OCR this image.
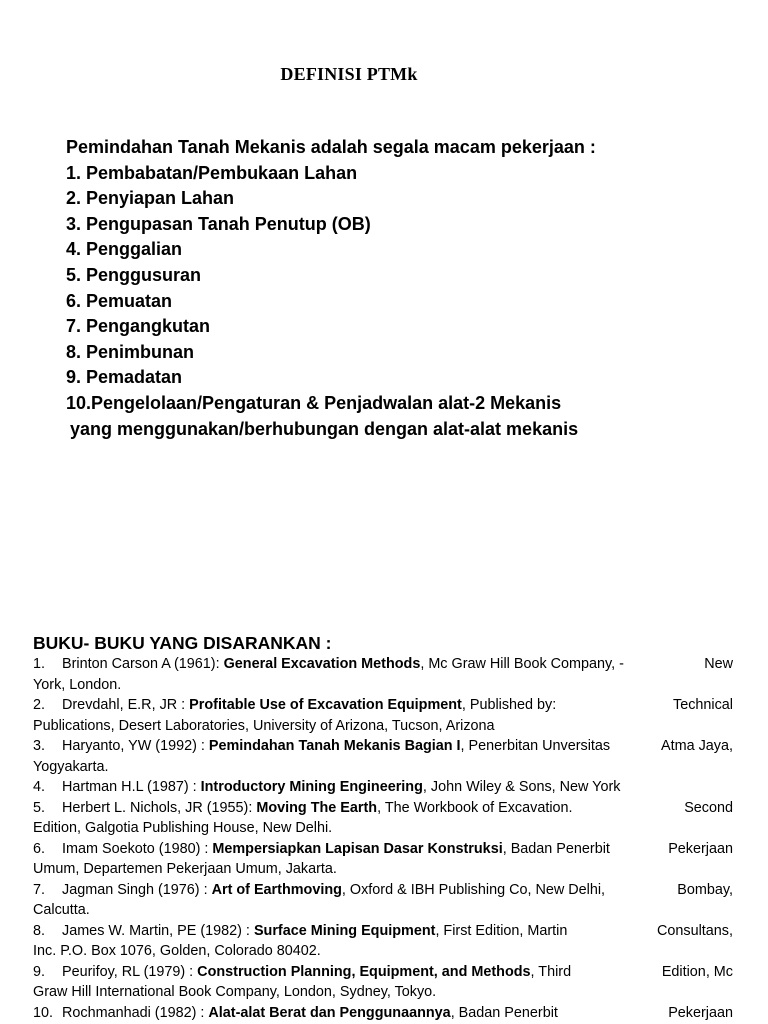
DEFINISI PTMk
Pemindahan Tanah Mekanis adalah segala macam pekerjaan :
1. Pembabatan/Pembukaan Lahan
2. Penyiapan Lahan
3. Pengupasan Tanah Penutup (OB)
4. Penggalian
5. Penggusuran
6. Pemuatan
7. Pengangkutan
8. Penimbunan
9. Pemadatan
10.Pengelolaan/Pengaturan & Penjadwalan alat-2 Mekanis
yang menggunakan/berhubungan dengan alat-alat mekanis
BUKU- BUKU YANG DISARANKAN :
1. Brinton Carson A (1961): General Excavation Methods, Mc Graw Hill Book Company, -	New
York, London.
2. Drevdahl, E.R, JR : Profitable Use of Excavation Equipment, Published by:	Technical
Publications, Desert Laboratories, University of Arizona, Tucson, Arizona
3. Haryanto, YW (1992) : Pemindahan Tanah Mekanis Bagian I, Penerbitan Unversitas	Atma Jaya,
Yogyakarta.
4. Hartman H.L (1987) : Introductory Mining Engineering, John Wiley & Sons, New York
5. Herbert L. Nichols, JR (1955): Moving The Earth, The Workbook of Excavation.	Second
Edition, Galgotia Publishing House, New Delhi.
6. Imam Soekoto (1980) : Mempersiapkan Lapisan Dasar Konstruksi, Badan Penerbit	Pekerjaan
Umum, Departemen Pekerjaan Umum, Jakarta.
7. Jagman Singh (1976) : Art of Earthmoving, Oxford & IBH Publishing Co, New Delhi,	Bombay,
Calcutta.
8. James W. Martin, PE (1982) : Surface Mining Equipment, First Edition, Martin	Consultans,
Inc. P.O. Box 1076, Golden, Colorado 80402.
9. Peurifoy, RL (1979) : Construction Planning, Equipment, and Methods, Third	Edition, Mc
Graw Hill International Book Company, London, Sydney, Tokyo.
10. Rochmanhadi (1982) : Alat-alat Berat dan Penggunaannya, Badan Penerbit	Pekerjaan
